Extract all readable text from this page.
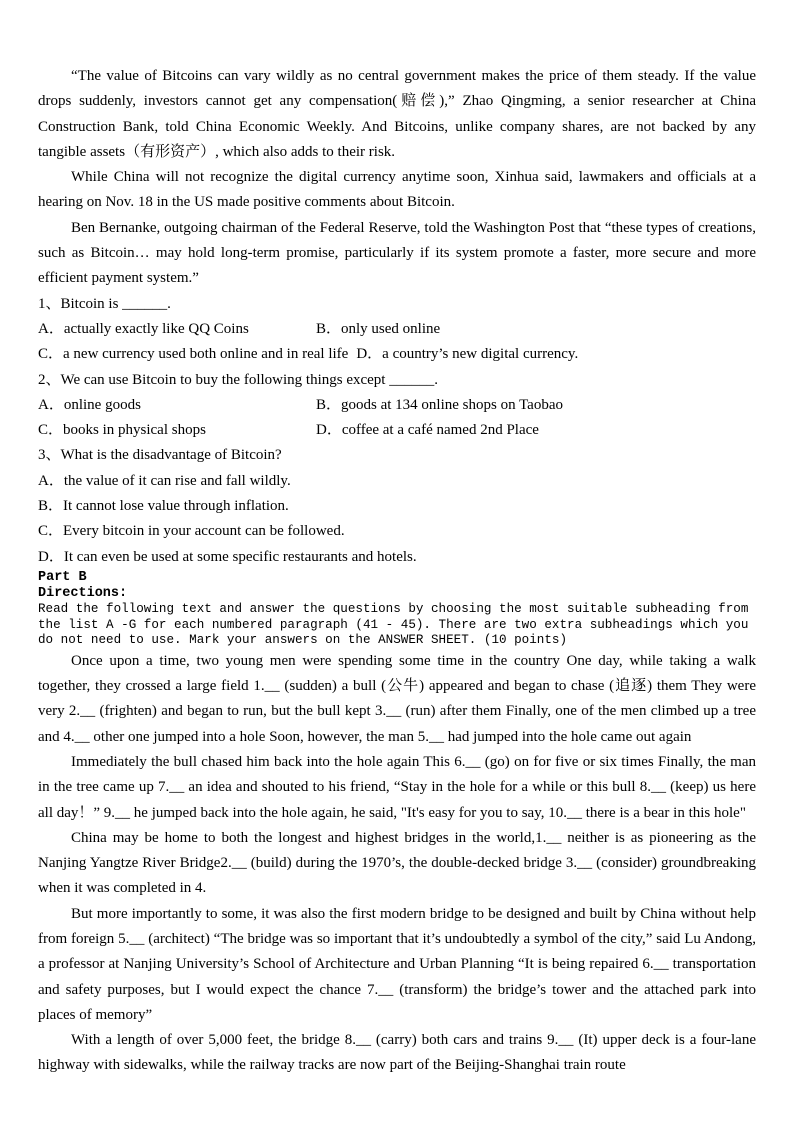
“The value of Bitcoins can vary wildly as no central government makes the price of them steady. If the value drops suddenly, investors cannot get any compensation(赔偿),” Zhao Qingming, a senior researcher at China Construction Bank, told China Economic Weekly. And Bitcoins, unlike company shares, are not backed by any tangible assets（有形资产）, which also adds to their risk.
While China will not recognize the digital currency anytime soon, Xinhua said, lawmakers and officials at a hearing on Nov. 18 in the US made positive comments about Bitcoin.
Ben Bernanke, outgoing chairman of the Federal Reserve, told the Washington Post that “these types of creations, such as Bitcoin… may hold long-term promise, particularly if its system promote a faster, more secure and more efficient payment system.”
1、Bitcoin is ______.
A．actually exactly like QQ Coins	B．only used online
C．a new currency used both online and in real life D．a country’s new digital currency.
2、We can use Bitcoin to buy the following things except ______.
A．online goods	B．goods at 134 online shops on Taobao
C．books in physical shops	D．coffee at a café named 2nd Place
3、What is the disadvantage of Bitcoin?
A．the value of it can rise and fall wildly.
B．It cannot lose value through inflation.
C．Every bitcoin in your account can be followed.
D．It can even be used at some specific restaurants and hotels.
Part B
Directions:
Read the following text and answer the questions by choosing the most suitable subheading from the list A -G for each numbered paragraph (41 - 45). There are two extra subheadings which you do not need to use. Mark your answers on the ANSWER SHEET. (10 points)
Once upon a time, two young men were spending some time in the country One day, while taking a walk together, they crossed a large field 1.__ (sudden) a bull (公牛) appeared and began to chase (追逐) them They were very 2.__ (frighten) and began to run, but the bull kept 3.__ (run) after them Finally, one of the men climbed up a tree and 4.__ other one jumped into a hole Soon, however, the man 5.__ had jumped into the hole came out again
Immediately the bull chased him back into the hole again This 6.__ (go) on for five or six times Finally, the man in the tree came up 7.__ an idea and shouted to his friend, “Stay in the hole for a while or this bull 8.__ (keep) us here all day！” 9.__ he jumped back into the hole again, he said, "It's easy for you to say, 10.__ there is a bear in this hole"
China may be home to both the longest and highest bridges in the world,1.__ neither is as pioneering as the Nanjing Yangtze River Bridge2.__ (build) during the 1970’s, the double-decked bridge 3.__ (consider) groundbreaking when it was completed in 4.
But more importantly to some, it was also the first modern bridge to be designed and built by China without help from foreign 5.__ (architect) “The bridge was so important that it’s undoubtedly a symbol of the city,” said Lu Andong, a professor at Nanjing University’s School of Architecture and Urban Planning “It is being repaired 6.__ transportation and safety purposes, but I would expect the chance 7.__ (transform) the bridge’s tower and the attached park into places of memory”
With a length of over 5,000 feet, the bridge 8.__ (carry) both cars and trains 9.__ (It) upper deck is a four-lane highway with sidewalks, while the railway tracks are now part of the Beijing-Shanghai train route
